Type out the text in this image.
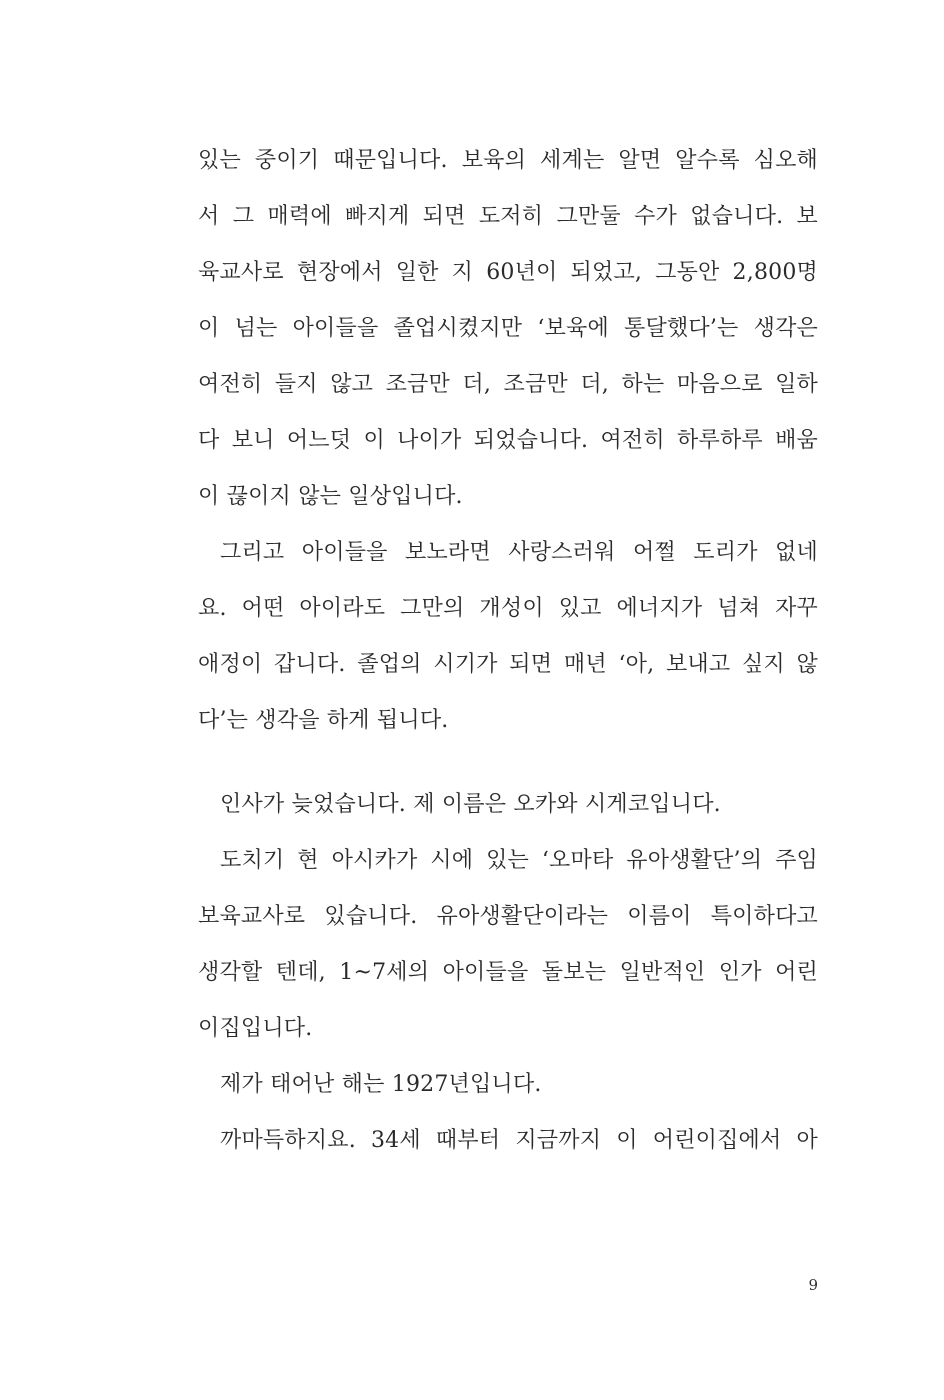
있는 중이기 때문입니다. 보육의 세계는 알면 알수록 심오해
서 그 매력에 빠지게 되면 도저히 그만둘 수가 없습니다. 보
육교사로 현장에서 일한 지 60년이 되었고, 그동안 2,800명
이 넘는 아이들을 졸업시켰지만 ‘보육에 통달했다’는 생각은
여전히 들지 않고 조금만 더, 조금만 더, 하는 마음으로 일하
다 보니 어느덧 이 나이가 되었습니다. 여전히 하루하루 배움
이 끊이지 않는 일상입니다.
그리고 아이들을 보노라면 사랑스러워 어쩔 도리가 없네
요. 어떤 아이라도 그만의 개성이 있고 에너지가 넘쳐 자꾸
애정이 갑니다. 졸업의 시기가 되면 매년 ‘아, 보내고 싶지 않
다’는 생각을 하게 됩니다.
인사가 늦었습니다. 제 이름은 오카와 시게코입니다.
도치기 현 아시카가 시에 있는 ‘오마타 유아생활단’의 주임
보육교사로 있습니다. 유아생활단이라는 이름이 특이하다고
생각할 텐데, 1~7세의 아이들을 돌보는 일반적인 인가 어린
이집입니다.
제가 태어난 해는 1927년입니다.
까마득하지요. 34세 때부터 지금까지 이 어린이집에서 아
9
